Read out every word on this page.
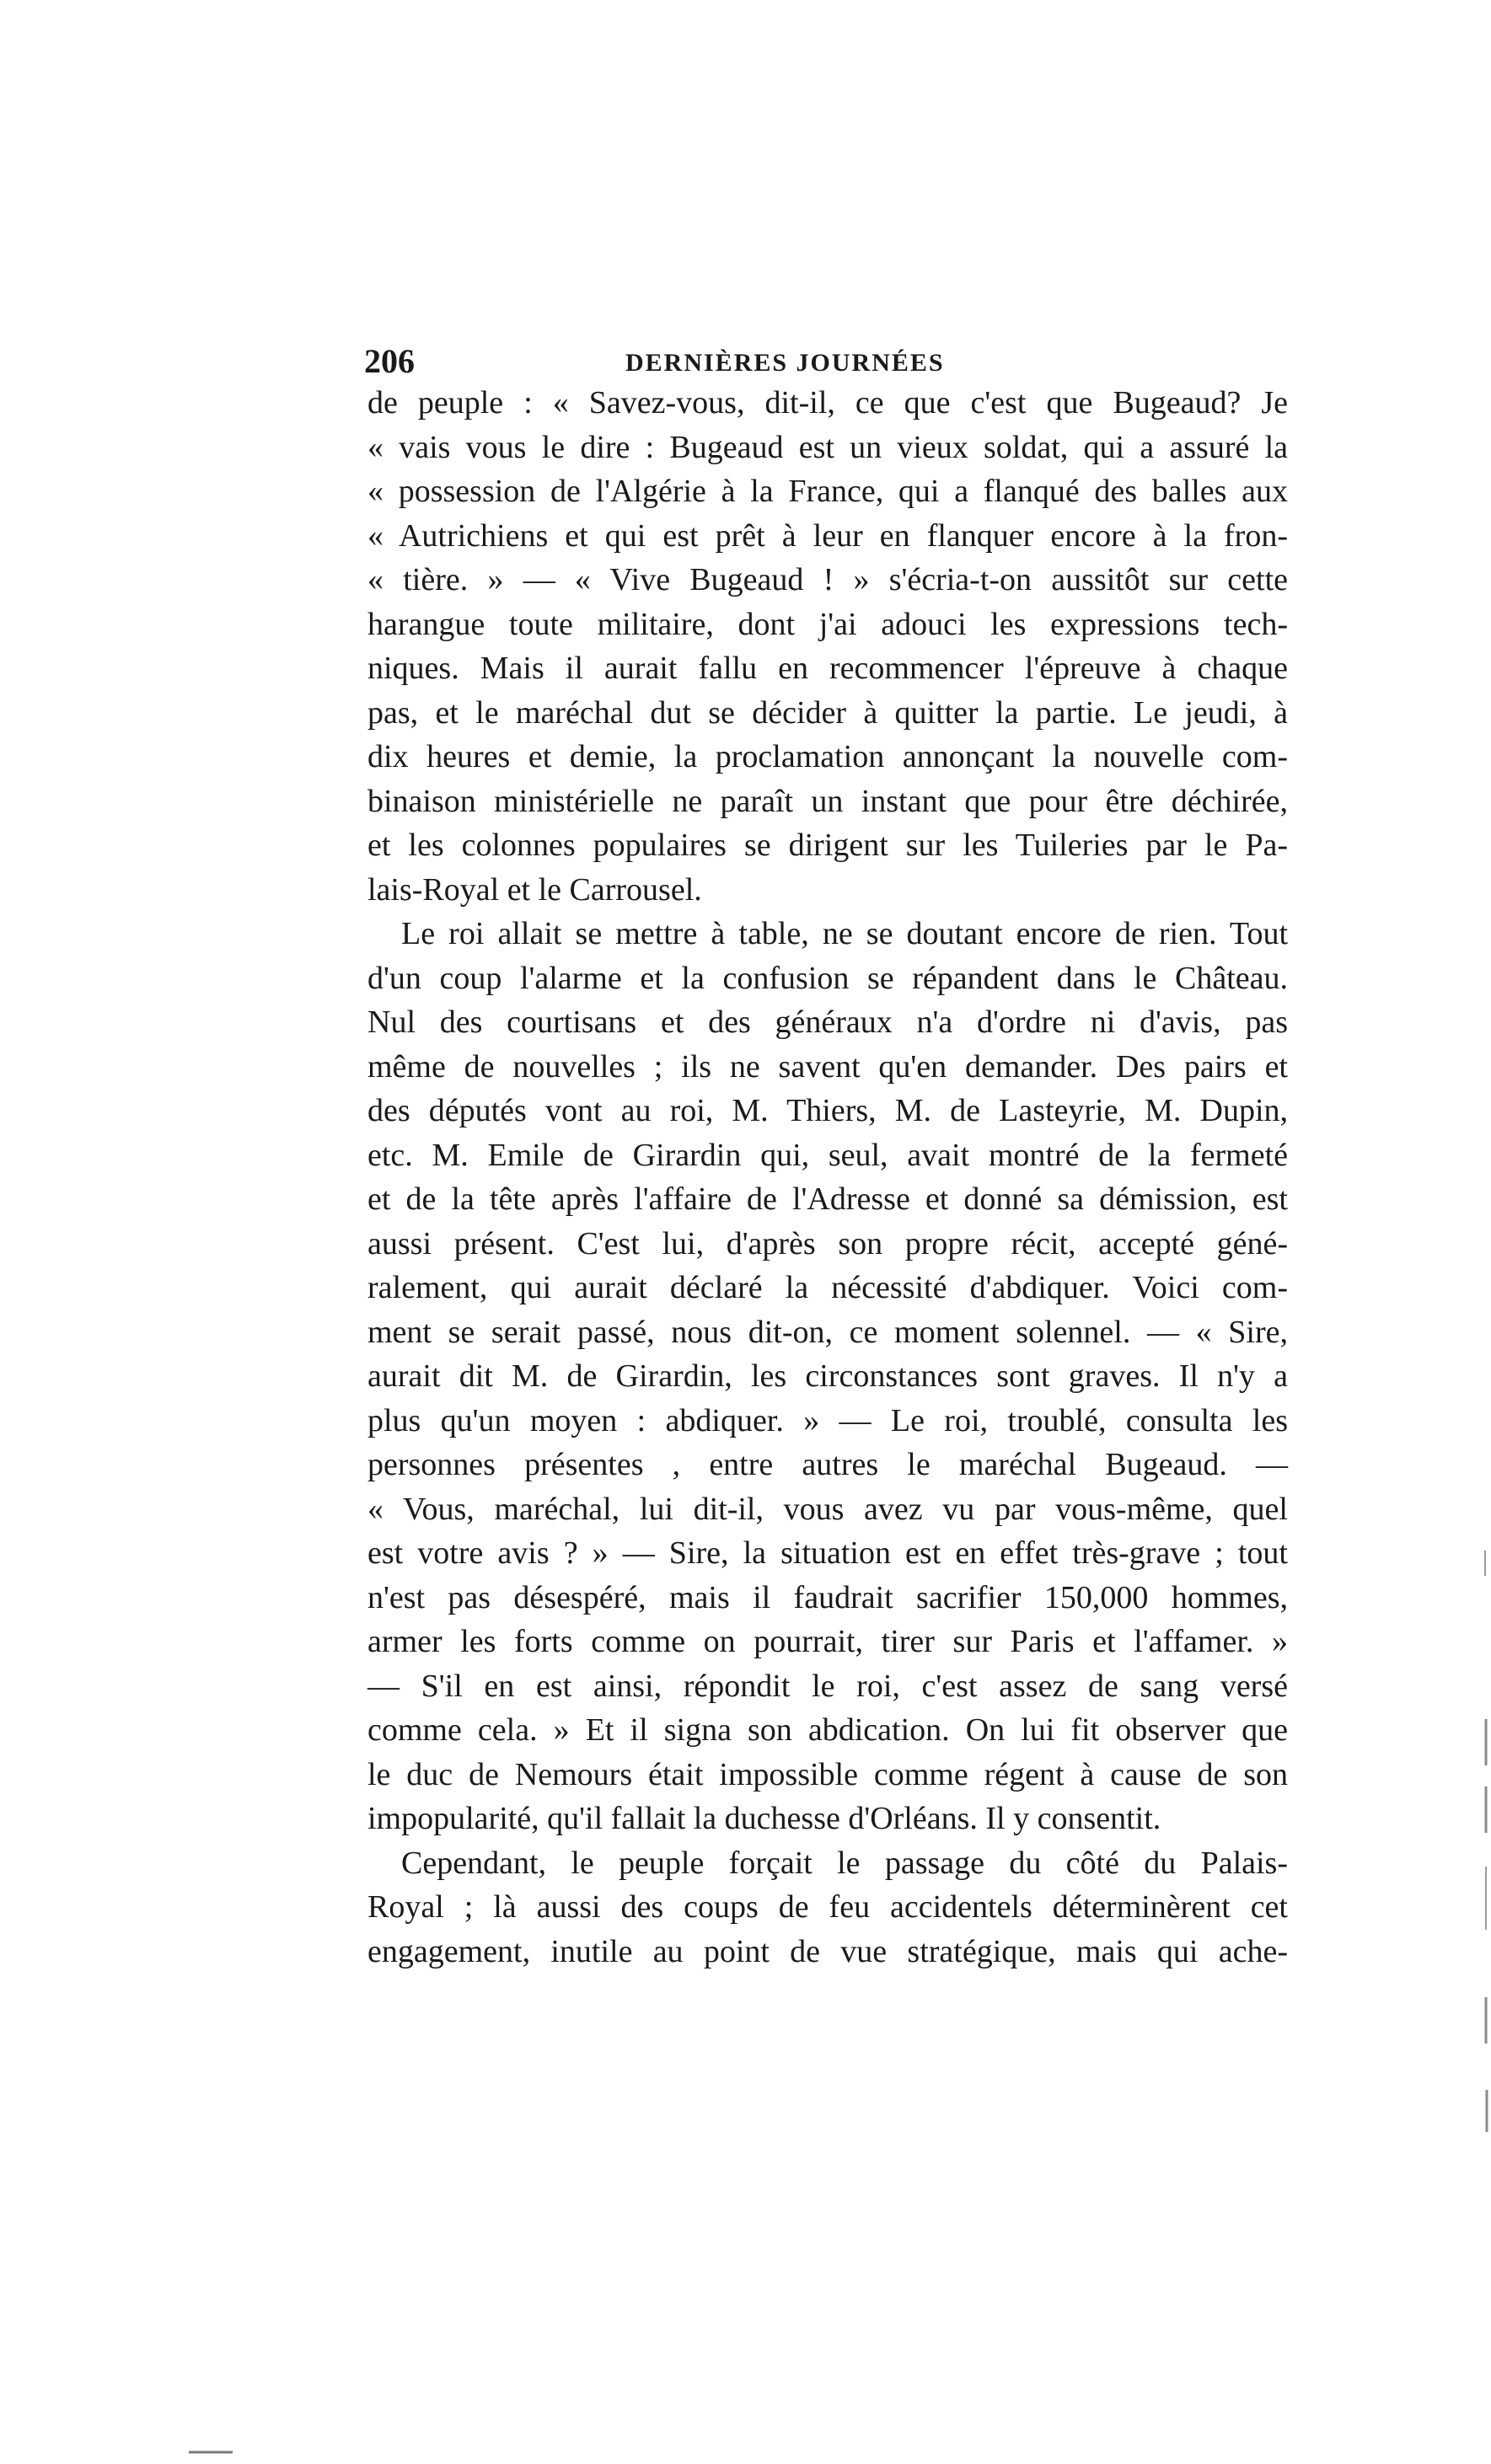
206	DERNIÈRES JOURNÉES
de peuple : « Savez-vous, dit-il, ce que c'est que Bugeaud? Je
« vais vous le dire : Bugeaud est un vieux soldat, qui a assuré la
« possession de l'Algérie à la France, qui a flanqué des balles aux
« Autrichiens et qui est prêt à leur en flanquer encore à la fron-
« tière. » — « Vive Bugeaud ! » s'écria-t-on aussitôt sur cette
harangue toute militaire, dont j'ai adouci les expressions tech-
niques. Mais il aurait fallu en recommencer l'épreuve à chaque
pas, et le maréchal dut se décider à quitter la partie. Le jeudi, à
dix heures et demie, la proclamation annonçant la nouvelle com-
binaison ministérielle ne paraît un instant que pour être déchirée,
et les colonnes populaires se dirigent sur les Tuileries par le Pa-
lais-Royal et le Carrousel.
Le roi allait se mettre à table, ne se doutant encore de rien. Tout
d'un coup l'alarme et la confusion se répandent dans le Château.
Nul des courtisans et des généraux n'a d'ordre ni d'avis, pas
même de nouvelles ; ils ne savent qu'en demander. Des pairs et
des députés vont au roi, M. Thiers, M. de Lasteyrie, M. Dupin,
etc. M. Emile de Girardin qui, seul, avait montré de la fermeté
et de la tête après l'affaire de l'Adresse et donné sa démission, est
aussi présent. C'est lui, d'après son propre récit, accepté géné-
ralement, qui aurait déclaré la nécessité d'abdiquer. Voici com-
ment se serait passé, nous dit-on, ce moment solennel. — « Sire,
aurait dit M. de Girardin, les circonstances sont graves. Il n'y a
plus qu'un moyen : abdiquer. » — Le roi, troublé, consulta les
personnes présentes , entre autres le maréchal Bugeaud. —
« Vous, maréchal, lui dit-il, vous avez vu par vous-même, quel
est votre avis ? » — Sire, la situation est en effet très-grave ; tout
n'est pas désespéré, mais il faudrait sacrifier 150,000 hommes,
armer les forts comme on pourrait, tirer sur Paris et l'affamer. »
— S'il en est ainsi, répondit le roi, c'est assez de sang versé
comme cela. » Et il signa son abdication. On lui fit observer que
le duc de Nemours était impossible comme régent à cause de son
impopularité, qu'il fallait la duchesse d'Orléans. Il y consentit.
Cependant, le peuple forçait le passage du côté du Palais-
Royal ; là aussi des coups de feu accidentels déterminèrent cet
engagement, inutile au point de vue stratégique, mais qui ache-
